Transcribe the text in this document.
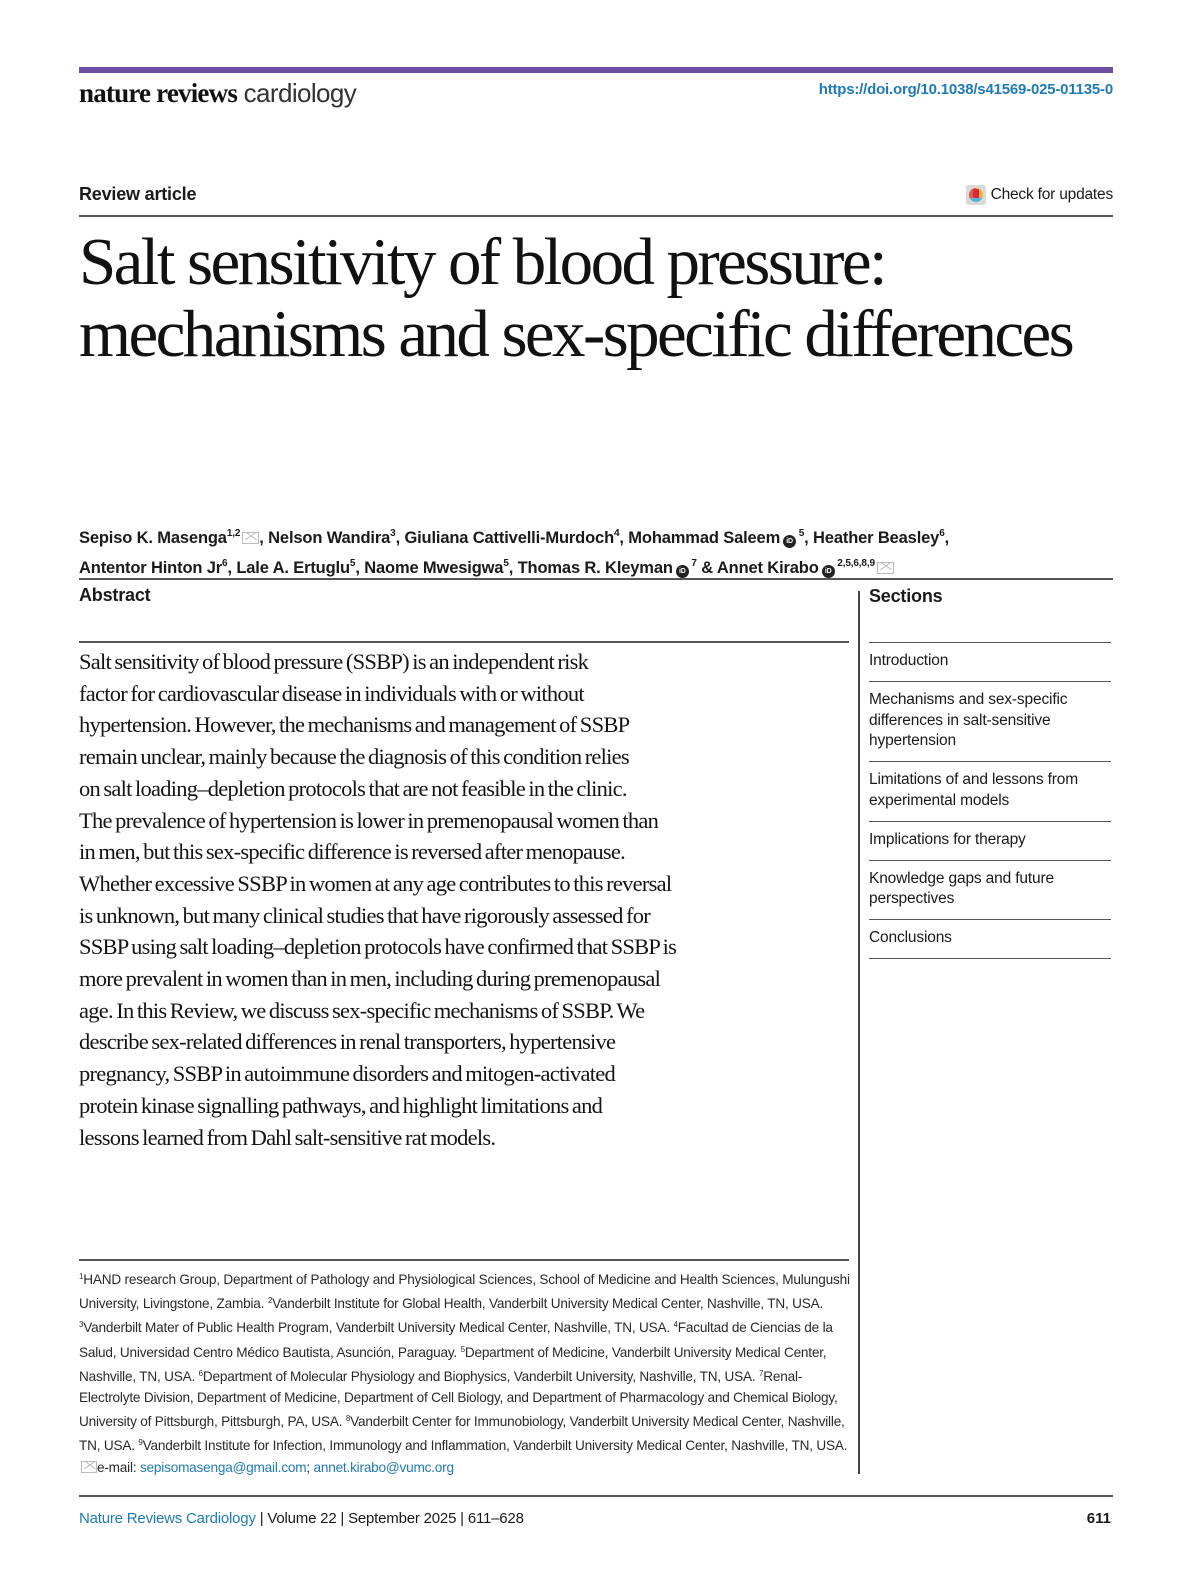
nature reviews cardiology	https://doi.org/10.1038/s41569-025-01135-0
Review article	Check for updates
Salt sensitivity of blood pressure: mechanisms and sex-specific differences
Sepiso K. Masenga$^{1,2}$ , Nelson Wandira$^3$, Giuliana Cattivelli-Murdoch$^4$, Mohammad Saleem iD $^5$, Heather Beasley$^6$,
Antentor Hinton Jr$^6$, Lale A. Ertuglu$^5$, Naome Mwesigwa$^5$, Thomas R. Kleyman iD $^7$ & Annet Kirabo iD $^{2,5,6,8,9}$
Abstract
Salt sensitivity of blood pressure (SSBP) is an independent risk
factor for cardiovascular disease in individuals with or without
hypertension. However, the mechanisms and management of SSBP
remain unclear, mainly because the diagnosis of this condition relies
on salt loading–depletion protocols that are not feasible in the clinic.
The prevalence of hypertension is lower in premenopausal women than
in men, but this sex-specific difference is reversed after menopause.
Whether excessive SSBP in women at any age contributes to this reversal
is unknown, but many clinical studies that have rigorously assessed for
SSBP using salt loading–depletion protocols have confirmed that SSBP is
more prevalent in women than in men, including during premenopausal
age. In this Review, we discuss sex-specific mechanisms of SSBP. We
describe sex-related differences in renal transporters, hypertensive
pregnancy, SSBP in autoimmune disorders and mitogen-activated
protein kinase signalling pathways, and highlight limitations and
lessons learned from Dahl salt-sensitive rat models.
Sections
Introduction
Mechanisms and sex-specific differences in salt-sensitive hypertension
Limitations of and lessons from experimental models
Implications for therapy
Knowledge gaps and future perspectives
Conclusions
$^1$HAND research Group, Department of Pathology and Physiological Sciences, School of Medicine and Health Sciences, Mulungushi University, Livingstone, Zambia. $^2$Vanderbilt Institute for Global Health, Vanderbilt University Medical Center, Nashville, TN, USA. $^3$Vanderbilt Mater of Public Health Program, Vanderbilt University Medical Center, Nashville, TN, USA. $^4$Facultad de Ciencias de la Salud, Universidad Centro Médico Bautista, Asunción, Paraguay. $^5$Department of Medicine, Vanderbilt University Medical Center, Nashville, TN, USA. $^6$Department of Molecular Physiology and Biophysics, Vanderbilt University, Nashville, TN, USA. $^7$Renal-Electrolyte Division, Department of Medicine, Department of Cell Biology, and Department of Pharmacology and Chemical Biology, University of Pittsburgh, Pittsburgh, PA, USA. $^8$Vanderbilt Center for Immunobiology, Vanderbilt University Medical Center, Nashville, TN, USA. $^9$Vanderbilt Institute for Infection, Immunology and Inflammation, Vanderbilt University Medical Center, Nashville, TN, USA. e-mail: sepisomasenga@gmail.com; annet.kirabo@vumc.org
Nature Reviews Cardiology | Volume 22 | September 2025 | 611–628	611
